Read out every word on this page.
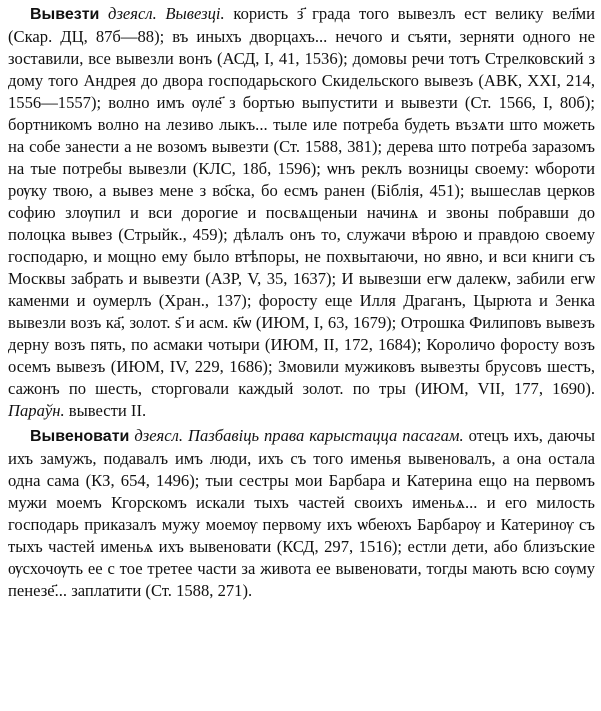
Вывезти дзеясл. Вывезці. користь з҃ града того вывезлъ ест велику вел҃ми (Скар. ДЦ, 87б—88); въ иныхъ дворцахъ... нечого и съяти, зерняти одного не зоставили, все вывезли вонъ (АСД, I, 41, 1536); домовы речи тотъ Стрелковский з дому того Андрея до двора господарьского Скидельского вывезъ (АВК, XXI, 214, 1556—1557); волно имъ ѹле҃ з бортью выпустити и вывезти (Ст. 1566, I, 80б); бортникомъ волно на лезиво лыкъ... тыле иле потреба будеть възѧти што можеть на собе занести а не возомъ вывезти (Ст. 1588, 381); дерева што потреба заразомъ на тые потребы вывезли (КЛС, 18б, 1596); ѡнъ реклъ возницы своему: ѡбороти рѹку твою, а вывез мене з во҃ска, бо есмъ ранен (Біблія, 451); вышеслав церков софию злѹпил и вси дорогие и посвѧщеныи начинѧ и звоны побравши до полоцка вывез (Стрыйк., 459); дѣлалъ онъ то, служачи вѣрою и правдою своему господарю, и мощно ему было втѣпоры, не похвытаючи, но явно, и вси книги съ Москвы забрать и вывезти (АЗР, V, 35, 1637); И вывезши егѡ далекѡ, забили егѡ каменми и оумерлъ (Хран., 137); форосту еще Илля Драганъ, Цырюта и Зенка вывезли возъ ка҃, золот. ѕ҃ и асм. к҃ѡ (ИЮМ, I, 63, 1679); Отрошка Филиповъ вывезъ дерну возъ пять, по асмаки чотыри (ИЮМ, II, 172, 1684); Короличо форосту возъ осемъ вывезъ (ИЮМ, IV, 229, 1686); Змовили мужиковъ вывезты брусовъ шестъ, сажонъ по шесть, сторговали каждый золот. по тры (ИЮМ, VII, 177, 1690). Параўн. вывести II.

Вывеновати дзеясл. Пазбавіць права карыстацца пасагам. отецъ ихъ, даючы ихъ замужъ, подавалъ имъ люди, ихъ съ того именья вывеновалъ, а она остала одна сама (КЗ, 654, 1496); тыи сестры мои Барбара и Катерина ещо на первомъ мужи моемъ Кгорскомъ искали тыхъ частей своихъ именьѧ... и его милость господарь приказалъ мужу моемѹ первому ихъ ѡбеюхъ Барбарѹ и Катеринѹ съ тыхъ частей именьѧ ихъ вывеновати (КСД, 297, 1516); естли дети, або близъские ѹсхочѹть ее с тое третее части за живота ее вывеновати, тогды мають всю сѹму пенезе҃... заплатити (Ст. 1588, 271).
